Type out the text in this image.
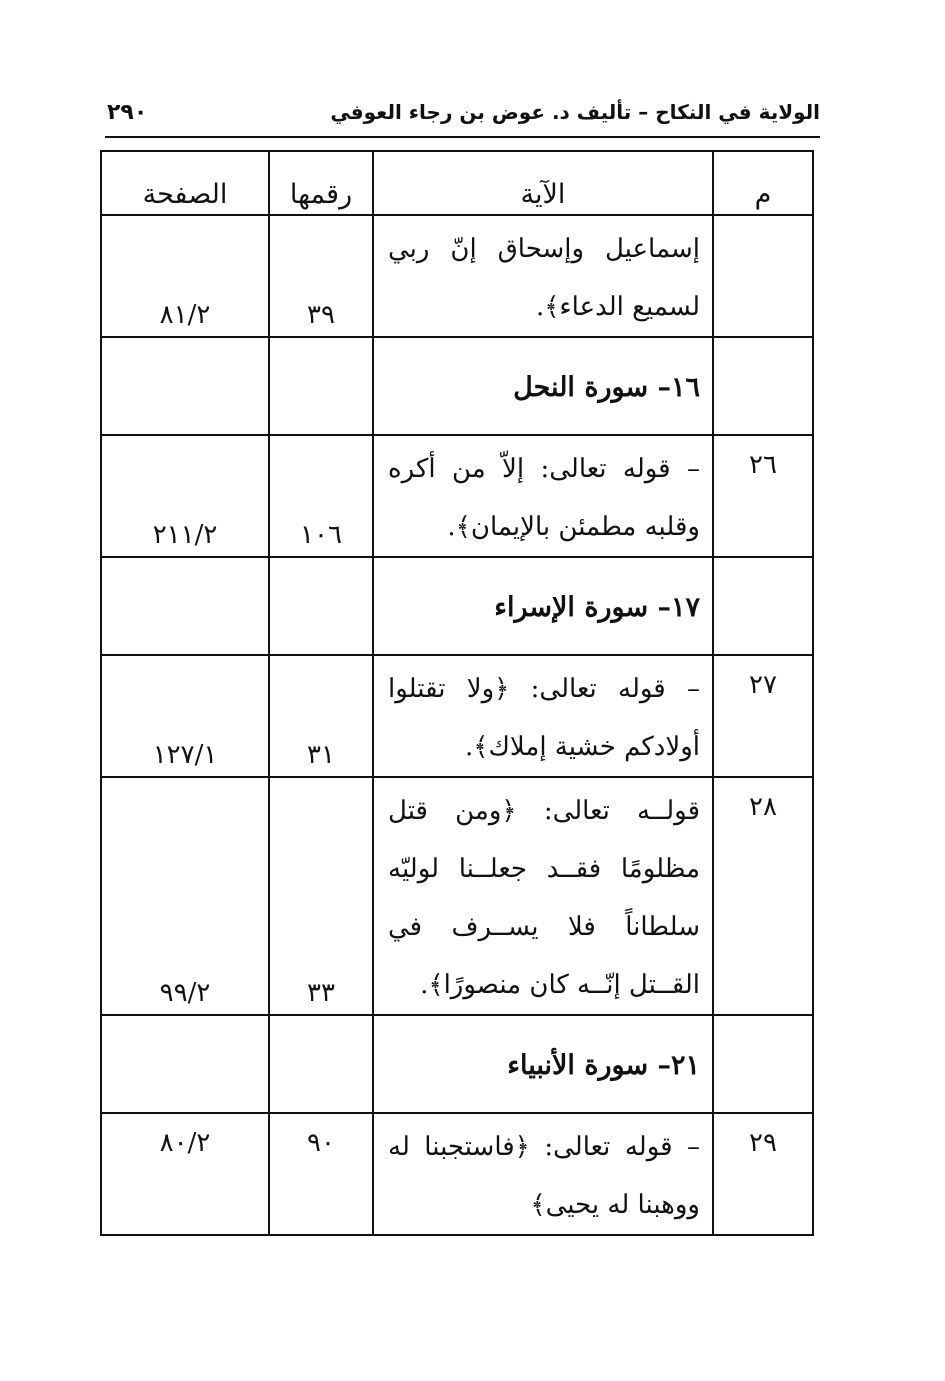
الولاية في النكاح – تأليف د. عوض بن رجاء العوفي
٢٩٠
م	الآية	رقمها	الصفحة
	إسماعيل وإسحاق إنّ ربي لسميع الدعاء﴾.	٣٩	٨١/٢
	١٦– سورة النحل		
٢٦	– قوله تعالى: إلاّ من أكره وقلبه مطمئن بالإيمان﴾.	١٠٦	٢١١/٢
	١٧– سورة الإسراء		
٢٧	– قوله تعالى: ﴿ولا تقتلوا أولادكم خشية إملاك﴾.	٣١	١٢٧/١
٢٨	قولــه تعالى: ﴿ومن قتل مظلومًا فقــد جعلــنا لوليّه سلطاناً فلا يســرف في القــتل إنّــه كان منصورًا﴾.	٣٣	٩٩/٢
	٢١– سورة الأنبياء		
٢٩	– قوله تعالى: ﴿فاستجبنا له ووهبنا له يحيى﴾	٩٠	٨٠/٢
